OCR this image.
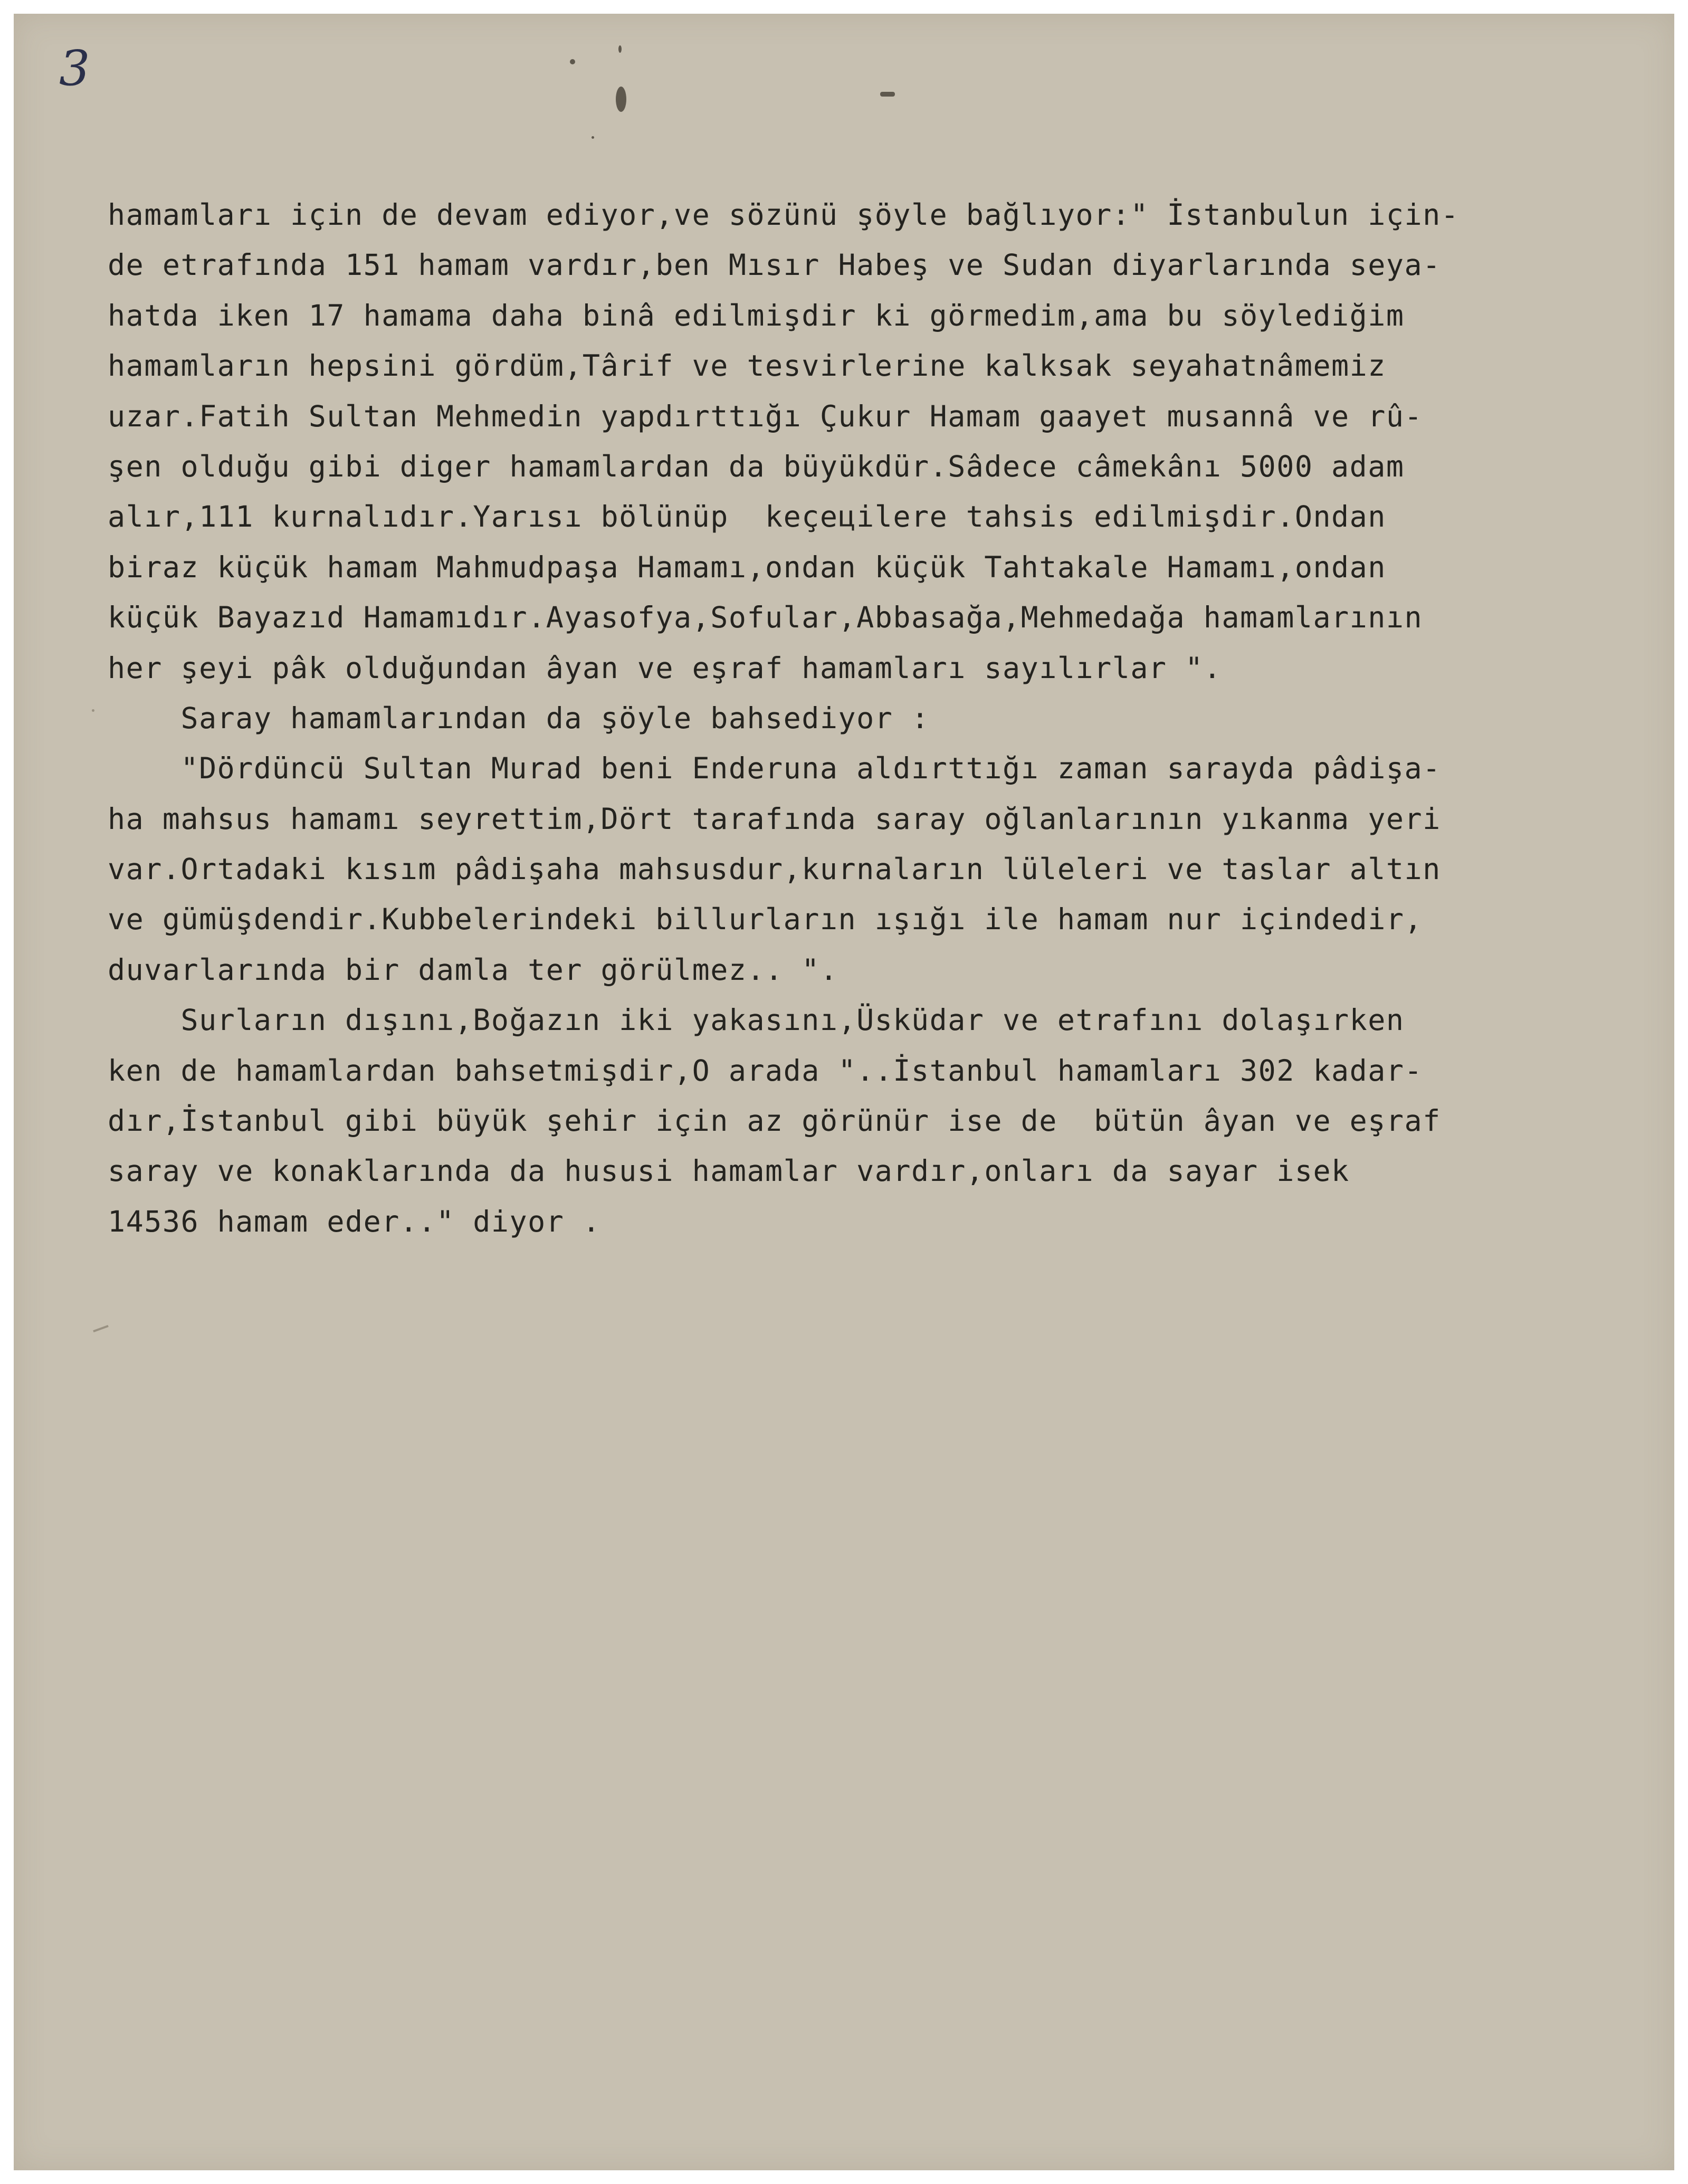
3

hamamları için de devam ediyor,ve sözünü şöyle bağlıyor:" İstanbulun için-
de etrafında 151 hamam vardır,ben Mısır Habeş ve Sudan diyarlarında seya-
hatda iken 17 hamama daha binâ edilmişdir ki görmedim,ama bu söylediğim
hamamların hepsini gördüm,Târif ve tesvirlerine kalksak seyahatnâmemiz
uzar.Fatih Sultan Mehmedin yapdırttığı Çukur Hamam gaayet musannâ ve rû-
şen olduğu gibi diger hamamlardan da büyükdür.Sâdece câmekânı 5000 adam
alır,111 kurnalıdır.Yarısı bölünüp  keçeцilere tahsis edilmişdir.Ondan
biraz küçük hamam Mahmudpaşa Hamamı,ondan küçük Tahtakale Hamamı,ondan
küçük Bayazıd Hamamıdır.Ayasofya,Sofular,Abbasağa,Mehmedağa hamamlarının
her şeyi pâk olduğundan âyan ve eşraf hamamları sayılırlar ".
Saray hamamlarından da şöyle bahsediyor :
"Dördüncü Sultan Murad beni Enderuna aldırttığı zaman sarayda pâdişa-
ha mahsus hamamı seyrettim,Dört tarafında saray oğlanlarının yıkanma yeri
var.Ortadaki kısım pâdişaha mahsusdur,kurnaların lüleleri ve taslar altın
ve gümüşdendir.Kubbelerindeki billurların ışığı ile hamam nur içindedir,
duvarlarında bir damla ter görülmez.. ".
Surların dışını,Boğazın iki yakasını,Üsküdar ve etrafını dolaşırken
ken de hamamlardan bahsetmişdir,O arada "..İstanbul hamamları 302 kadar-
dır,İstanbul gibi büyük şehir için az görünür ise de  bütün âyan ve eşraf
saray ve konaklarında da hususi hamamlar vardır,onları da sayar isek
14536 hamam eder.." diyor .
